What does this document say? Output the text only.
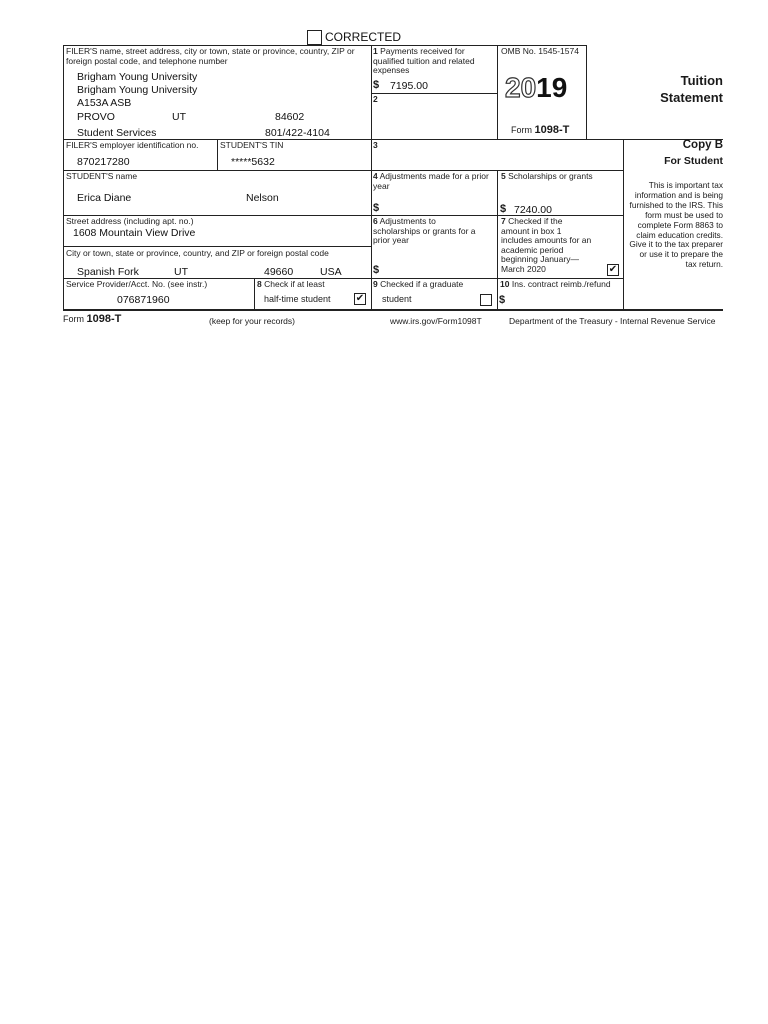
CORRECTED
FILER'S name, street address, city or town, state or province, country, ZIP or foreign postal code, and telephone number
Brigham Young University
Brigham Young University
A153A ASB
PROVO	UT	84602
Student Services	801/422-4104
1 Payments received for qualified tuition and related expenses
$ 7195.00
2
OMB No. 1545-1574
2019
Form 1098-T
Tuition
Statement
FILER'S employer identification no.
870217280
STUDENT'S TIN
*****5632
3	Copy B
For Student
This is important tax information and is being furnished to the IRS. This form must be used to complete Form 8863 to claim education credits. Give it to the tax preparer or use it to prepare the tax return.
STUDENT'S name
Erica Diane	Nelson
4 Adjustments made for a prior year
$
5 Scholarships or grants
$ 7240.00
Street address (including apt. no.)
1608 Mountain View Drive
City or town, state or province, country, and ZIP or foreign postal code
Spanish Fork	UT	49660	USA
6 Adjustments to scholarships or grants for a prior year
$
7 Checked if the amount in box 1 includes amounts for an academic period beginning January— March 2020	✔
Service Provider/Acct. No. (see instr.)
076871960
8 Check if at least
half-time student	✔
9 Checked if a graduate
student
10 Ins. contract reimb./refund
$
Form 1098-T	(keep for your records)	www.irs.gov/Form1098T	Department of the Treasury - Internal Revenue Service
